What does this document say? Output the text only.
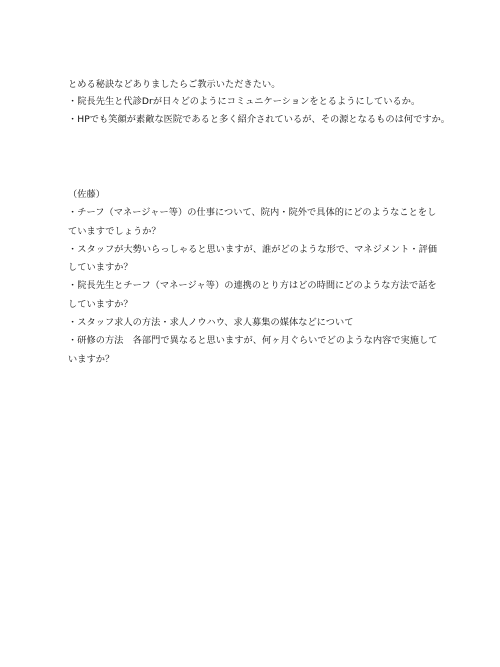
とめる秘訣などありましたらご教示いただきたい。
・院長先生と代診Drが日々どのようにコミュニケーションをとるようにしているか。
・HPでも笑顔が素敵な医院であると多く紹介されているが、その源となるものは何ですか。
（佐藤）
・チーフ（マネージャー等）の仕事について、院内・院外で具体的にどのようなことをし
ていますでしょうか？
・スタッフが大勢いらっしゃると思いますが、誰がどのような形で、マネジメント・評価
していますか？
・院長先生とチーフ（マネージャ等）の連携のとり方はどの時間にどのような方法で話を
していますか？
・スタッフ求人の方法・求人ノウハウ、求人募集の媒体などについて
・研修の方法　各部門で異なると思いますが、何ヶ月ぐらいでどのような内容で実施して
いますか？
